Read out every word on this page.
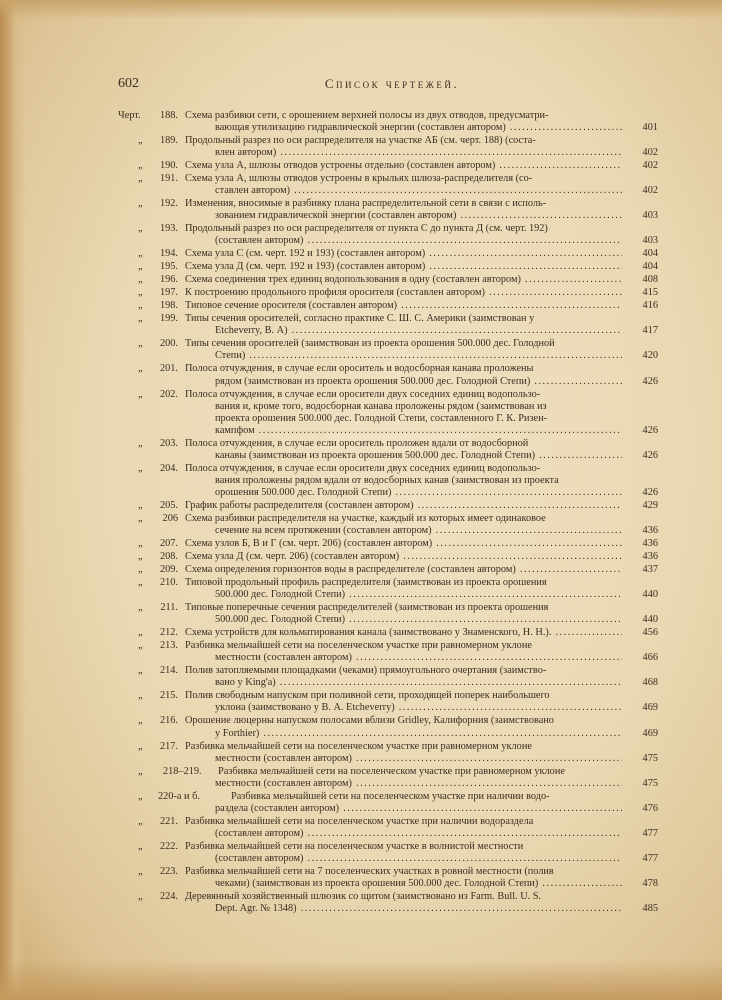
602	Список чертежей.
Черт.	188. Схема разбивки сети, с орошением верхней полосы из двух отводов, предусматри-
вающая утилизацию гидравлической энергии (составлен автором) .....	401
„	189. Продольный разрез по оси распределителя на участке АБ (см. черт. 188) (соста-
влен автором) .....	402
„	190. Схема узла А, шлюзы отводов устроены отдельно (составлен автором) .....	402
„	191. Схема узла А, шлюзы отводов устроены в крыльях шлюза-распределителя (со-
ставлен автором) .....	402
„	192. Изменения, вносимые в разбивку плана распределительной сети в связи с исполь-
зованием гидравлической энергии (составлен автором) .....	403
„	193. Продольный разрез по оси распределителя от пункта С до пункта Д (см. черт. 192)
(составлен автором) .....	403
„	194. Схема узла С (см. черт. 192 и 193) (составлен автором) .....	404
„	195. Схема узла Д (см. черт. 192 и 193) (составлен автором) .....	404
„	196. Схема соединения трех единиц водопользования в одну (составлен автором) .....	408
„	197. К построению продольного профиля оросителя (составлен автором) .....	415
„	198. Типовое сечение оросителя (составлен автором) .....	416
„	199. Типы сечения оросителей, согласно практике С. Ш. С. Америки (заимствован у
Etcheverry, В. А) .....	417
„	200. Типы сечения оросителей (заимствован из проекта орошения 500.000 дес. Голодной
Степи) .....	420
„	201. Полоса отчуждения, в случае если ороситель и водосборная канава проложены
рядом (заимствован из проекта орошения 500.000 дес. Голодной Степи) .....	426
„	202. Полоса отчуждения, в случае если оросители двух соседних единиц водопользо-
вания и, кроме того, водосборная канава проложены рядом (заимствован из
проекта орошения 500.000 дес. Голодной Степи, составленного Г. К. Ризен-
кампфом .....	426
„	203. Полоса отчуждения, в случае если ороситель проложен вдали от водосборной
канавы (заимствован из проекта орошения 500.000 дес. Голодной Степи) .....	426
„	204. Полоса отчуждения, в случае если оросители двух соседних единиц водопользо-
вания проложены рядом вдали от водосборных канав (заимствован из проекта
орошения 500.000 дес. Голодной Степи) .....	426
„	205. График работы распределителя (составлен автором) .....	429
„	206 Схема разбивки распределителя на участке, каждый из которых имеет одинаковое
сечение на всем протяжении (составлен автором) .....	436
„	207. Схема узлов Б, В и Г (см. черт. 206) (составлен автором) .....	436
„	208. Схема узла Д (см. черт. 206) (составлен автором) .....	436
„	209. Схема определения горизонтов воды в распределителе (составлен автором) .....	437
„	210. Типовой продольный профиль распределителя (заимствован из проекта орошения
500.000 дес. Голодной Степи) .....	440
„	211. Типовые поперечные сечения распределителей (заимствован из проекта орошения
500.000 дес. Голодной Степи) .....	440
„	212. Схема устройств для кольматирования канала (заимствовано у Знаменского, Н. Н.). .....	456
„	213. Разбивка мельчайшей сети на поселенческом участке при равномерном уклоне
местности (составлен автором) .....	466
„	214. Полив затопляемыми площадками (чеками) прямоугольного очертания (заимство-
вано у King'a) .....	468
„	215. Полив свободным напуском при поливной сети, проходящей поперек наибольшего
уклона (заимствовано у В. А. Etcheverry) .....	469
„	216. Орошение люцерны напуском полосами вблизи Gridley, Калифорния (заимствовано
у Forthier) .....	469
„	217. Разбивка мельчайшей сети на поселенческом участке при равномерном уклоне
местности (составлен автором) .....	475
„	218–219. Разбивка мельчайшей сети на поселенческом участке при равномерном уклоне
местности (составлен автором) .....	475
„	220-а и б.	Разбивка мельчайшей сети на поселенческом участке при наличии водо-
раздела (составлен автором) .....	476
„	221. Разбивка мельчайшей сети на поселенческом участке при наличии водораздела
(составлен автором) .....	477
„	222. Разбивка мельчайшей сети на поселенческом участке в волнистой местности
(составлен автором) .....	477
„	223. Разбивка мельчайшей сети на 7 поселенческих участках в ровной местности (полив
чеками) (заимствован из проекта орошения 500.000 дес. Голодной Степи) .....	478
„	224. Деревянный хозяйственный шлюзик со щитом (заимствовано из Farm. Bull. U. S.
Dept. Agr. № 1348) .....	485
